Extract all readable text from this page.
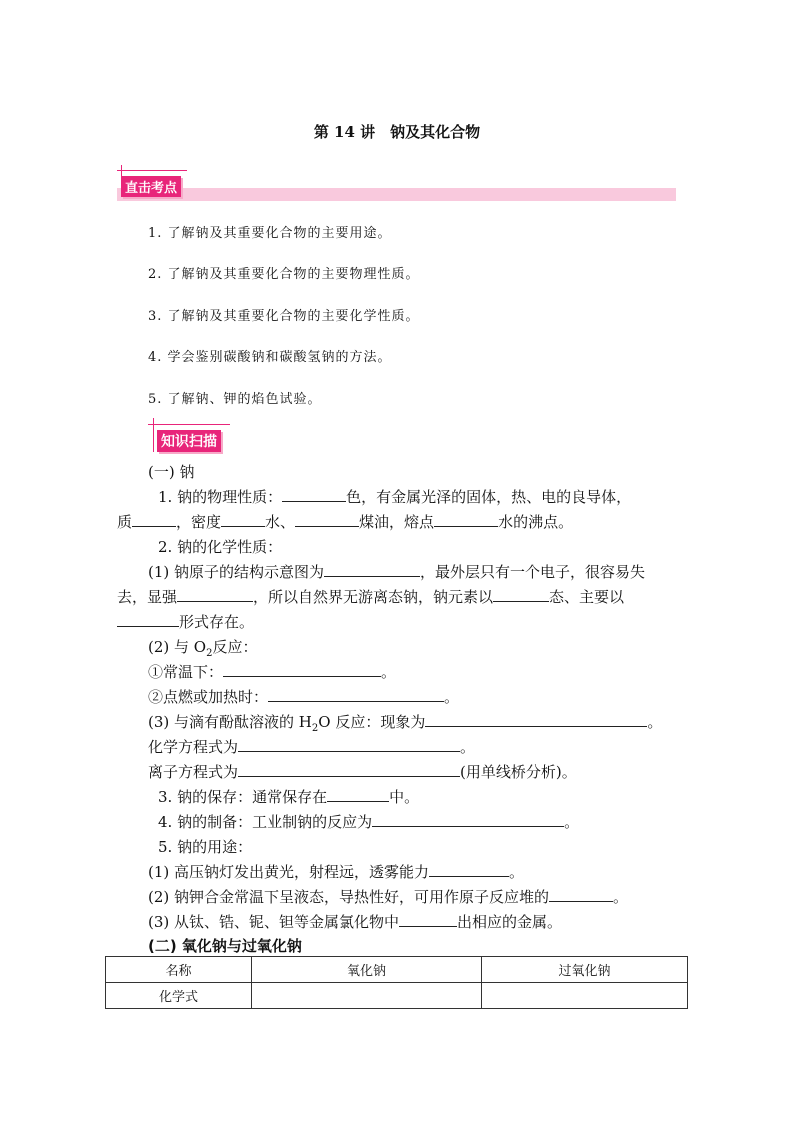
第 14 讲　钠及其化合物
直击考点
1. 了解钠及其重要化合物的主要用途。
2. 了解钠及其重要化合物的主要物理性质。
3. 了解钠及其重要化合物的主要化学性质。
4. 学会鉴别碳酸钠和碳酸氢钠的方法。
5. 了解钠、钾的焰色试验。
知识扫描
(一) 钠
1. 钠的物理性质：	色，有金属光泽的固体，热、电的良导体，
质	，密度	水、	煤油，熔点	水的沸点。
2. 钠的化学性质：
(1) 钠原子的结构示意图为	，最外层只有一个电子，很容易失
去，显强	，所以自然界无游离态钠，钠元素以	态、主要以
形式存在。
(2) 与 $O_2$反应：
①常温下：	。
②点燃或加热时：	。
(3) 与滴有酚酞溶液的 $H_2O$ 反应：现象为	。
化学方程式为	。
离子方程式为	(用单线桥分析)。
3. 钠的保存：通常保存在	中。
4. 钠的制备：工业制钠的反应为	。
5. 钠的用途：
(1) 高压钠灯发出黄光，射程远，透雾能力	。
(2) 钠钾合金常温下呈液态，导热性好，可用作原子反应堆的	。
(3) 从钛、锆、铌、钽等金属氯化物中	出相应的金属。
(二) 氧化钠与过氧化钠
名称	氧化钠	过氧化钠
化学式		
